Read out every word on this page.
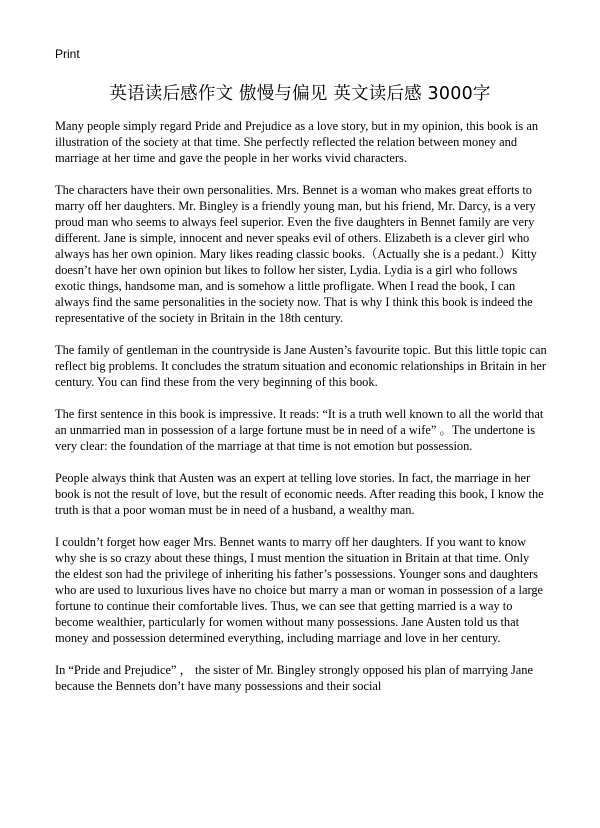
Print
英语读后感作文 傲慢与偏见 英文读后感 3000字

Many people simply regard Pride and Prejudice as a love story, but in my opinion, this book is an illustration of the society at that time. She perfectly reflected the relation between money and marriage at her time and gave the people in her works vivid characters.

The characters have their own personalities. Mrs. Bennet is a woman who makes great efforts to marry off her daughters. Mr. Bingley is a friendly young man, but his friend, Mr. Darcy, is a very proud man who seems to always feel superior. Even the five daughters in Bennet family are very different. Jane is simple, innocent and never speaks evil of others. Elizabeth is a clever girl who always has her own opinion. Mary likes reading classic books.（Actually she is a pedant.）Kitty doesn’t have her own opinion but likes to follow her sister, Lydia. Lydia is a girl who follows exotic things, handsome man, and is somehow a little profligate. When I read the book, I can always find the same personalities in the society now. That is why I think this book is indeed the representative of the society in Britain in the 18th century.

The family of gentleman in the countryside is Jane Austen’s favourite topic. But this little topic can reflect big problems. It concludes the stratum situation and economic relationships in Britain in her century. You can find these from the very beginning of this book.

The first sentence in this book is impressive. It reads: “It is a truth well known to all the world that an unmarried man in possession of a large fortune must be in need of a wife” 。The undertone is very clear: the foundation of the marriage at that time is not emotion but possession.

People always think that Austen was an expert at telling love stories. In fact, the marriage in her book is not the result of love, but the result of economic needs. After reading this book, I know the truth is that a poor woman must be in need of a husband, a wealthy man.

I couldn’t forget how eager Mrs. Bennet wants to marry off her daughters. If you want to know why she is so crazy about these things, I must mention the situation in Britain at that time. Only the eldest son had the privilege of inheriting his father’s possessions. Younger sons and daughters who are used to luxurious lives have no choice but marry a man or woman in possession of a large fortune to continue their comfortable lives. Thus, we can see that getting married is a way to become wealthier, particularly for women without many possessions. Jane Austen told us that money and possession determined everything, including marriage and love in her century.

In “Pride and Prejudice” ， the sister of Mr. Bingley strongly opposed his plan of marrying Jane because the Bennets don’t have many possessions and their social
